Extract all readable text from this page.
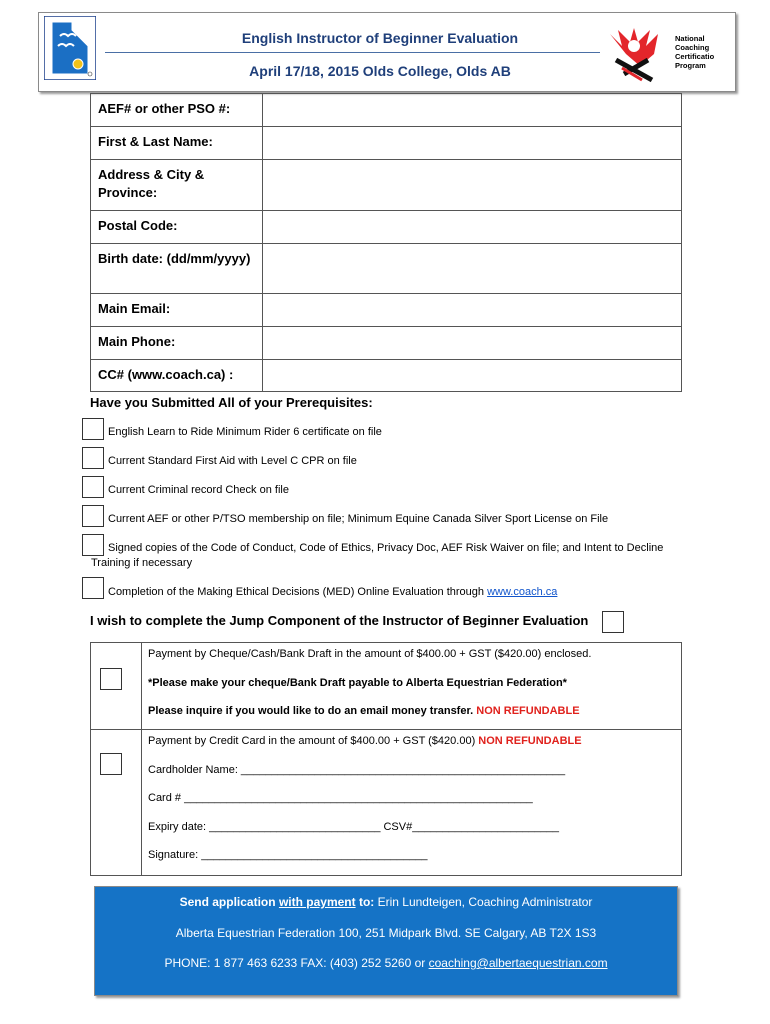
English Instructor of Beginner Evaluation
April 17/18, 2015 Olds College, Olds AB
National
Coaching
Certificatio
Program
AEF# or other PSO #:
First & Last Name:
Address & City & Province:
Postal Code:
Birth date: (dd/mm/yyyy)
Main Email:
Main Phone:
CC# (www.coach.ca) :
Have you Submitted All of your Prerequisites:
English Learn to Ride Minimum Rider 6 certificate on file
Current Standard First Aid with Level C CPR on file
Current Criminal record Check on file
Current AEF or other P/TSO membership on file; Minimum Equine Canada Silver Sport License on File
Signed copies of the Code of Conduct, Code of Ethics, Privacy Doc, AEF Risk Waiver on file; and Intent to Decline
Training if necessary
Completion of the Making Ethical Decisions (MED) Online Evaluation through www.coach.ca
I wish to complete the Jump Component of the Instructor of Beginner Evaluation
Payment by Cheque/Cash/Bank Draft in the amount of $400.00 + GST ($420.00) enclosed.
*Please make your cheque/Bank Draft payable to Alberta Equestrian Federation*
Please inquire if you would like to do an email money transfer. NON REFUNDABLE
Payment by Credit Card in the amount of $400.00 + GST ($420.00) NON REFUNDABLE
Cardholder Name: _____________________________________________________
Card # _________________________________________________________
Expiry date: ____________________________ CSV#________________________
Signature: _____________________________________
Send application with payment to: Erin Lundteigen, Coaching Administrator
Alberta Equestrian Federation 100, 251 Midpark Blvd. SE Calgary, AB T2X 1S3
PHONE: 1 877 463 6233 FAX: (403) 252 5260 or coaching@albertaequestrian.com
